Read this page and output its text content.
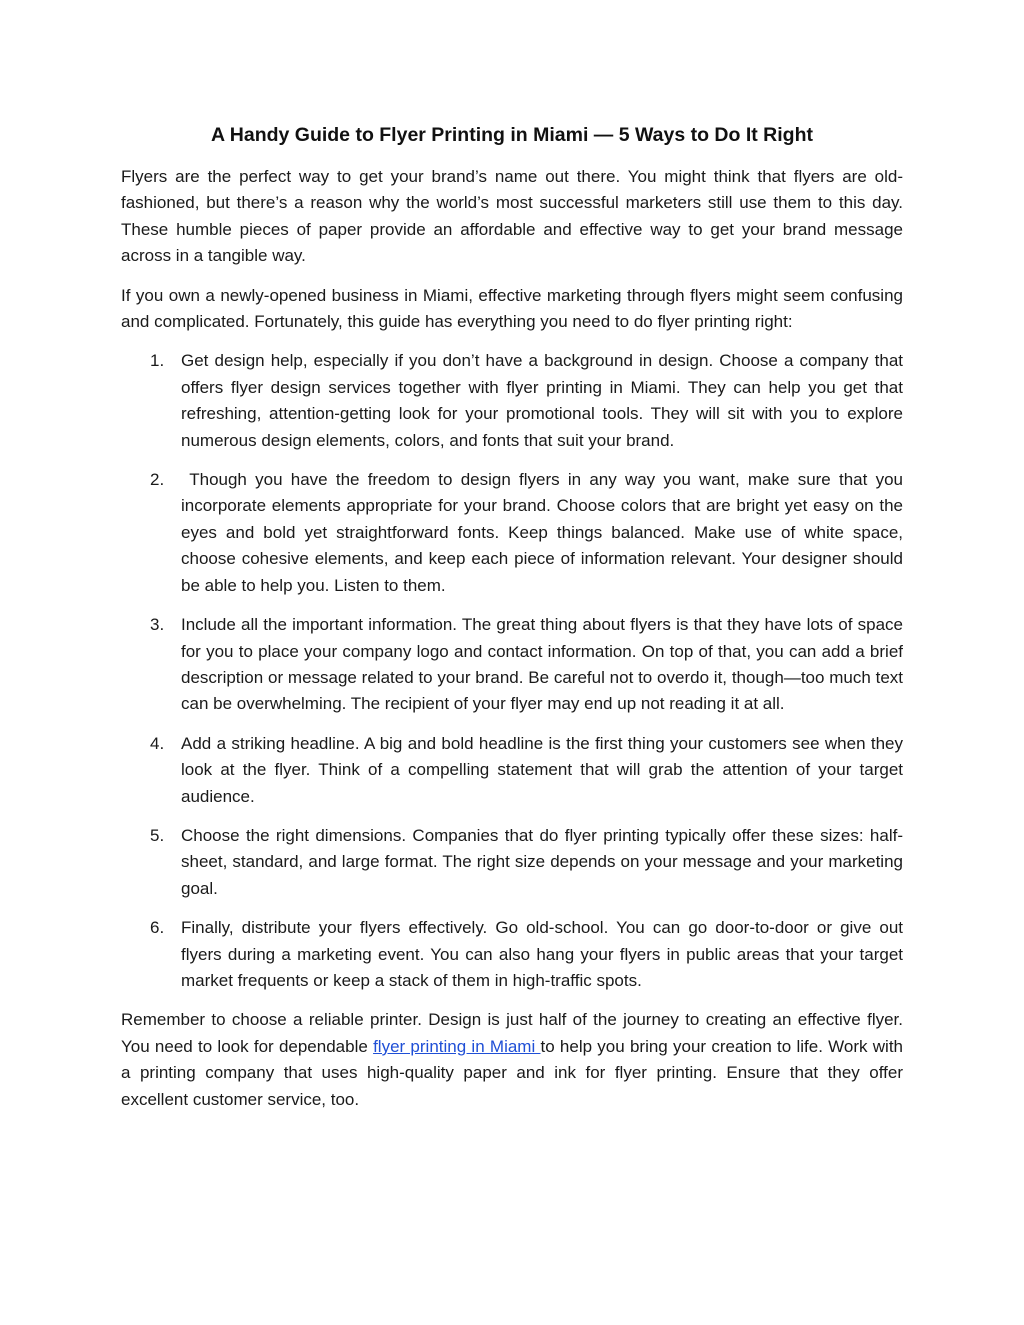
A Handy Guide to Flyer Printing in Miami — 5 Ways to Do It Right

Flyers are the perfect way to get your brand’s name out there. You might think that flyers are old-fashioned, but there’s a reason why the world’s most successful marketers still use them to this day. These humble pieces of paper provide an affordable and effective way to get your brand message across in a tangible way.

If you own a newly-opened business in Miami, effective marketing through flyers might seem confusing and complicated. Fortunately, this guide has everything you need to do flyer printing right:

1. Get design help, especially if you don’t have a background in design. Choose a company that offers flyer design services together with flyer printing in Miami. They can help you get that refreshing, attention-getting look for your promotional tools. They will sit with you to explore numerous design elements, colors, and fonts that suit your brand.
2. Though you have the freedom to design flyers in any way you want, make sure that you incorporate elements appropriate for your brand. Choose colors that are bright yet easy on the eyes and bold yet straightforward fonts. Keep things balanced. Make use of white space, choose cohesive elements, and keep each piece of information relevant. Your designer should be able to help you. Listen to them.
3. Include all the important information. The great thing about flyers is that they have lots of space for you to place your company logo and contact information. On top of that, you can add a brief description or message related to your brand. Be careful not to overdo it, though—too much text can be overwhelming. The recipient of your flyer may end up not reading it at all.
4. Add a striking headline. A big and bold headline is the first thing your customers see when they look at the flyer. Think of a compelling statement that will grab the attention of your target audience.
5. Choose the right dimensions. Companies that do flyer printing typically offer these sizes: half-sheet, standard, and large format. The right size depends on your message and your marketing goal.
6. Finally, distribute your flyers effectively. Go old-school. You can go door-to-door or give out flyers during a marketing event. You can also hang your flyers in public areas that your target market frequents or keep a stack of them in high-traffic spots.

Remember to choose a reliable printer. Design is just half of the journey to creating an effective flyer. You need to look for dependable flyer printing in Miami to help you bring your creation to life. Work with a printing company that uses high-quality paper and ink for flyer printing. Ensure that they offer excellent customer service, too.
